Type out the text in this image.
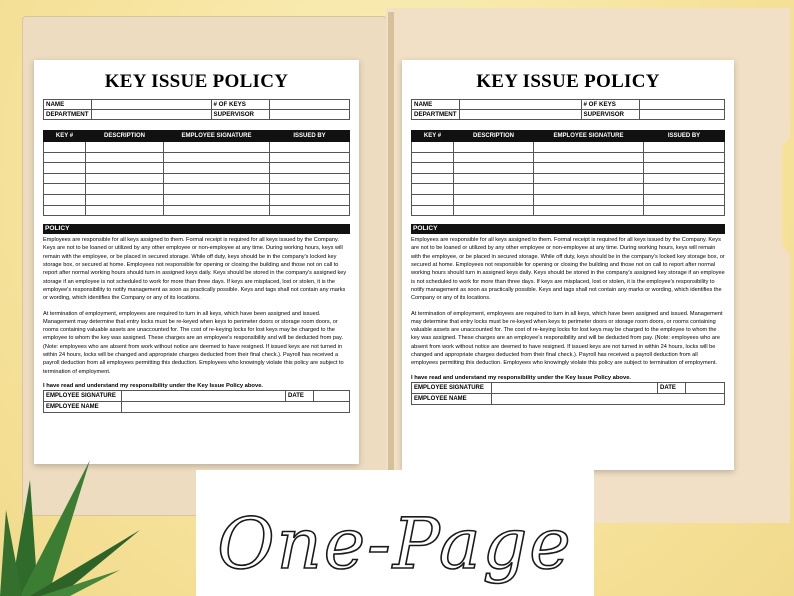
KEY ISSUE POLICY
NAME		# OF KEYS	
DEPARTMENT		SUPERVISOR	
KEY #	DESCRIPTION	EMPLOYEE SIGNATURE	ISSUED BY

POLICY
Employees are responsible for all keys assigned to them. Formal receipt is required for all keys issued by the Company. Keys are not to be loaned or utilized by any other employee or non-employee at any time. During working hours, keys will remain with the employee, or be placed in secured storage. While off duty, keys should be in the company's locked key storage box, or secured at home. Employees not responsible for opening or closing the building and those not on call to report after normal working hours should turn in assigned keys daily. Keys should be stored in the company's assigned key storage if an employee is not scheduled to work for more than three days. If keys are misplaced, lost or stolen, it is the employee's responsibility to notify management as soon as practically possible. Keys and tags shall not contain any marks or wording, which identifies the Company or any of its locations.
At termination of employment, employees are required to turn in all keys, which have been assigned and issued. Management may determine that entry locks must be re-keyed when keys to perimeter doors or storage room doors, or rooms containing valuable assets are unaccounted for. The cost of re-keying locks for lost keys may be charged to the employee to whom the key was assigned. These charges are an employee's responsibility and will be deducted from pay. (Note: employees who are absent from work without notice are deemed to have resigned. If issued keys are not turned in within 24 hours, locks will be changed and appropriate charges deducted from their final check.). Payroll has received a payroll deduction from all employees permitting this deduction. Employees who knowingly violate this policy are subject to termination of employment.
I have read and understand my responsibility under the Key Issue Policy above.
EMPLOYEE SIGNATURE		DATE	
EMPLOYEE NAME			
KEY ISSUE POLICY
NAME		# OF KEYS	
DEPARTMENT		SUPERVISOR	
KEY #	DESCRIPTION	EMPLOYEE SIGNATURE	ISSUED BY

POLICY
Employees are responsible for all keys assigned to them. Formal receipt is required for all keys issued by the Company. Keys are not to be loaned or utilized by any other employee or non-employee at any time. During working hours, keys will remain with the employee, or be placed in secured storage. While off duty, keys should be in the company's locked key storage box, or secured at home. Employees not responsible for opening or closing the building and those not on call to report after normal working hours should turn in assigned keys daily. Keys should be stored in the company's assigned key storage if an employee is not scheduled to work for more than three days. If keys are misplaced, lost or stolen, it is the employee's responsibility to notify management as soon as practically possible. Keys and tags shall not contain any marks or wording, which identifies the Company or any of its locations.
At termination of employment, employees are required to turn in all keys, which have been assigned and issued. Management may determine that entry locks must be re-keyed when keys to perimeter doors or storage room doors, or rooms containing valuable assets are unaccounted for. The cost of re-keying locks for lost keys may be charged to the employee to whom the key was assigned. These charges are an employee's responsibility and will be deducted from pay. (Note: employees who are absent from work without notice are deemed to have resigned. If issued keys are not turned in within 24 hours, locks will be changed and appropriate charges deducted from their final check.). Payroll has received a payroll deduction from all employees permitting this deduction. Employees who knowingly violate this policy are subject to termination of employment.
I have read and understand my responsibility under the Key Issue Policy above.
EMPLOYEE SIGNATURE		DATE	
EMPLOYEE NAME			
One-Page
